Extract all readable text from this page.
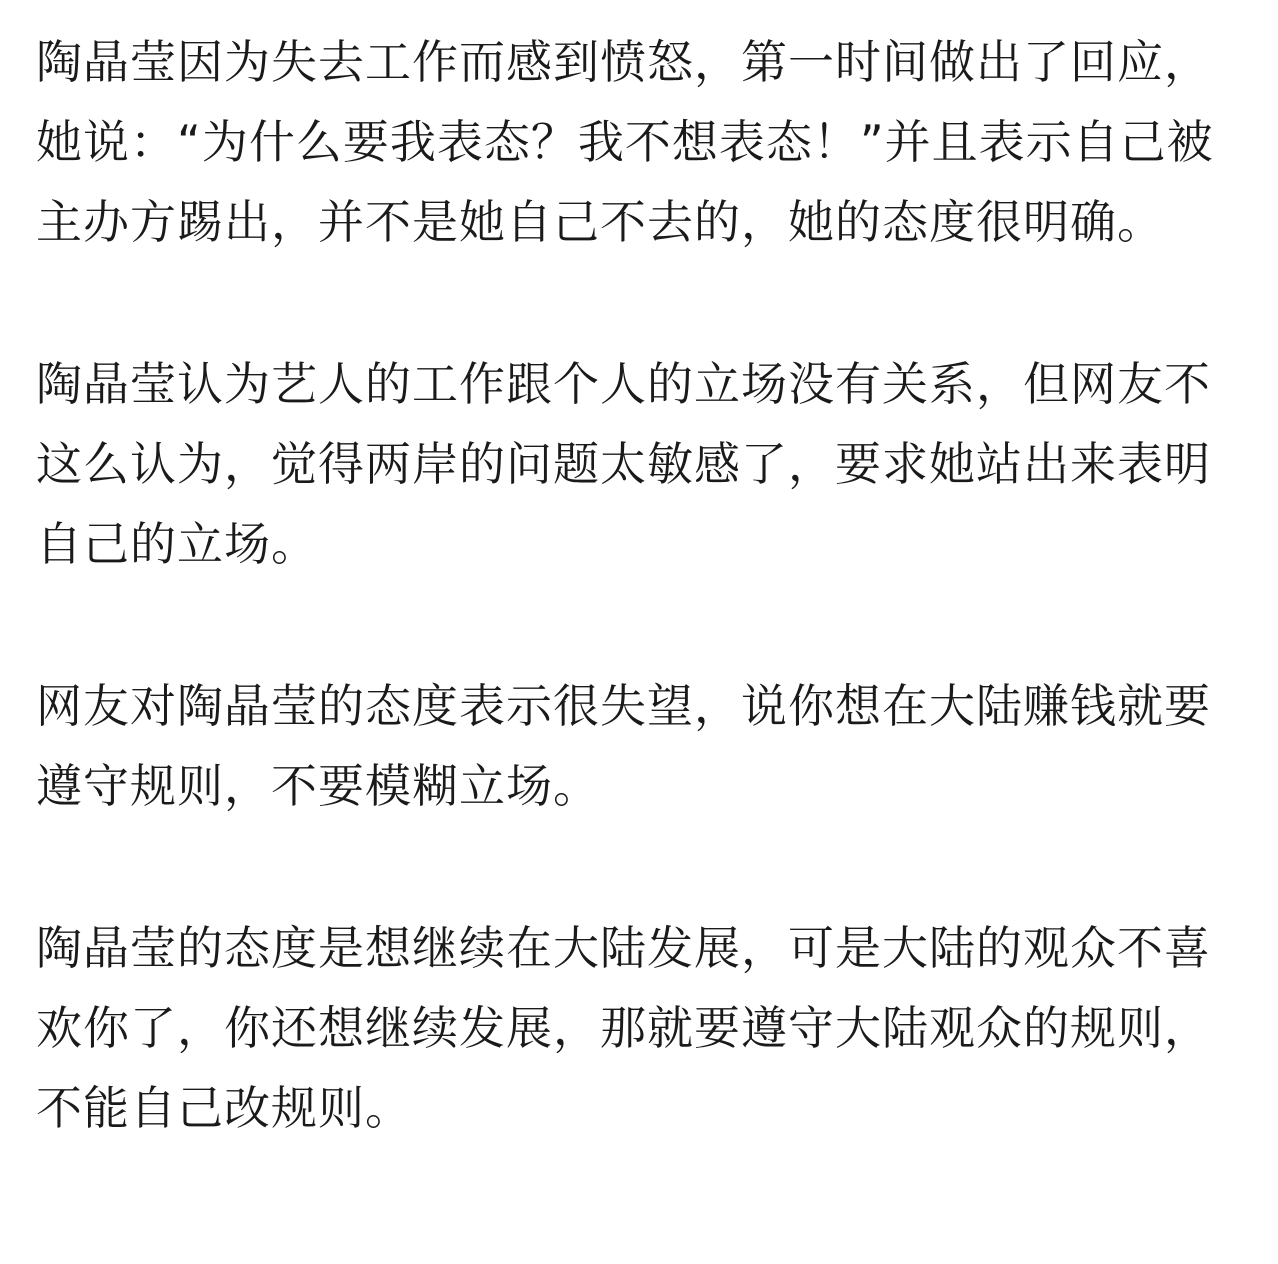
陶晶莹因为失去工作而感到愤怒，第一时间做出了回应，她说：“为什么要我表态？我不想表态！”并且表示自己被主办方踢出，并不是她自己不去的，她的态度很明确。

陶晶莹认为艺人的工作跟个人的立场没有关系，但网友不这么认为，觉得两岸的问题太敏感了，要求她站出来表明自己的立场。

网友对陶晶莹的态度表示很失望，说你想在大陆赚钱就要遵守规则，不要模糊立场。

陶晶莹的态度是想继续在大陆发展，可是大陆的观众不喜欢你了，你还想继续发展，那就要遵守大陆观众的规则，不能自己改规则。
